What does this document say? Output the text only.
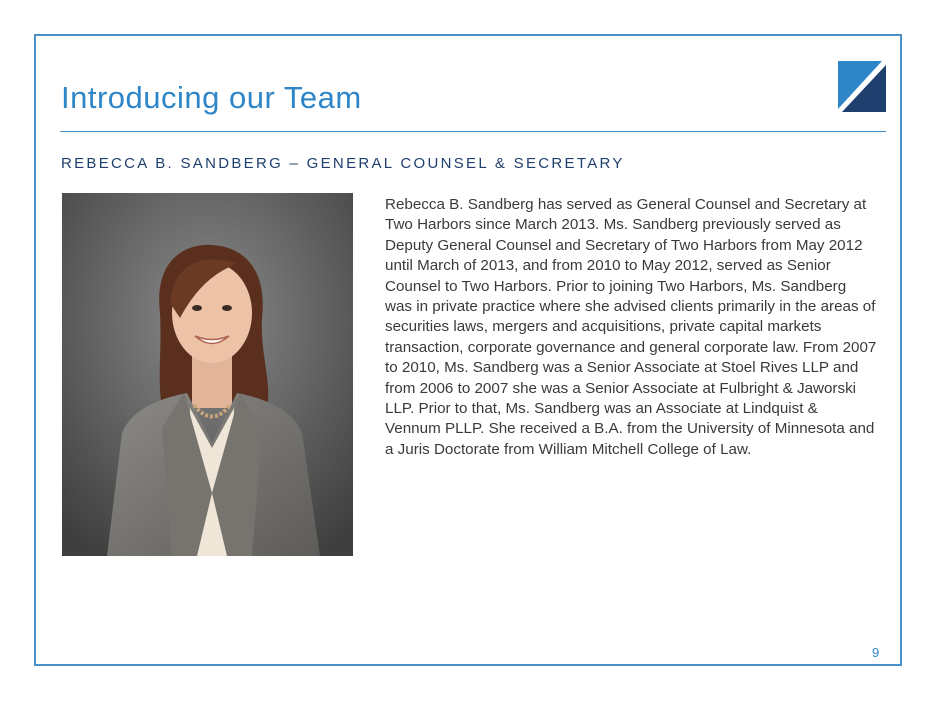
Introducing our Team
REBECCA B. SANDBERG – GENERAL COUNSEL & SECRETARY
Rebecca B. Sandberg has served as General Counsel and Secretary at Two Harbors since March 2013. Ms. Sandberg previously served as Deputy General Counsel and Secretary of Two Harbors from May 2012 until March of 2013, and from 2010 to May 2012, served as Senior Counsel to Two Harbors. Prior to joining Two Harbors, Ms. Sandberg was in private practice where she advised clients primarily in the areas of securities laws, mergers and acquisitions, private capital markets transaction, corporate governance and general corporate law. From 2007 to 2010, Ms. Sandberg was a Senior Associate at Stoel Rives LLP and from 2006 to 2007 she was a Senior Associate at Fulbright & Jaworski LLP. Prior to that, Ms. Sandberg was an Associate at Lindquist & Vennum PLLP. She received a B.A. from the University of Minnesota and a Juris Doctorate from William Mitchell College of Law.
9
